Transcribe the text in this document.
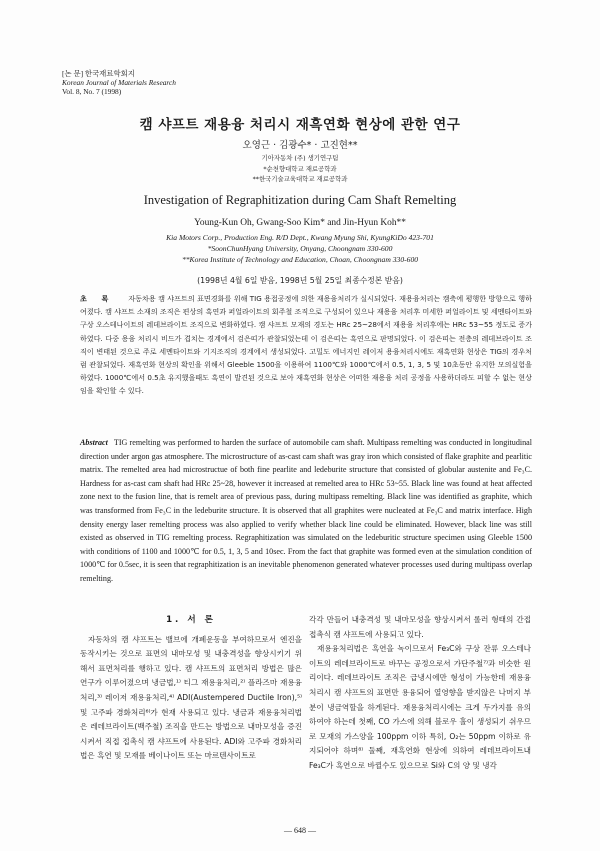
[논 문] 한국재료학회지
Korean Journal of Materials Research
Vol. 8, No. 7 (1998)
캠 샤프트 재용융 처리시 재흑연화 현상에 관한 연구
오영근 · 김광수* · 고진현**
기아자동차 (주) 생기연구팀
*순천향대학교 재료공학과
**한국기술교육대학교 재료공학과
Investigation of Regraphitization during Cam Shaft Remelting
Young-Kun Oh, Gwang-Soo Kim* and Jin-Hyun Koh**
Kia Motors Corp., Production Eng. R/D Dept., Kwang Myung Shi, KyungKiDo 423-701
*SoonChunHyang University, Onyang, Choongnam 330-600
**Korea Institute of Technology and Education, Choan, Choongnam 330-600
(1998년 4월 6일 받음, 1998년 5월 25일 최종수정본 받음)
초 록 자동차용 캠 샤프트의 표면경화를 위해 TIG 용접공정에 의한 재용융처리가 실시되었다. 재용융처리는 캠축에 평행한 방향으로 행하여졌다. 캠 샤프트 소재의 조직은 편상의 흑연과 퍼얼라이트의 회주철 조직으로 구성되어 있으나 재용융 처리후 미세한 퍼얼라이트 및 세멘타이트와 구상 오스테나이트의 레데브라이트 조직으로 변화하였다. 캠 샤프트 모재의 경도는 HRc 25~28에서 재용융 처리후에는 HRc 53~55 정도로 증가하였다. 다중 용융 처리시 비드가 겹치는 경계에서 검은띠가 관찰되었는데 이 검은띠는 흑연으로 판명되었다. 이 검은띠는 전층의 레데브라이트 조직이 변태된 것으로 주로 세멘타이트와 기지조직의 경계에서 생성되었다. 고밀도 에너지인 레이저 용융처리시에도 재흑연화 현상은 TIG의 경우처럼 관찰되었다. 재흑연화 현상의 확인을 위해서 Gleeble 1500을 이용하여 1100℃와 1000℃에서 0.5, 1, 3, 5 및 10초동안 유지한 모의실험을 하였다. 1000℃에서 0.5초 유지했을때도 흑연이 발견된 것으로 보아 재흑연화 현상은 어떠한 재용융 처리 공정을 사용하더라도 피할 수 없는 현상임을 확인할 수 있다.
Abstract TIG remelting was performed to harden the surface of automobile cam shaft. Multipass remelting was conducted in longitudinal direction under argon gas atmosphere. The microstructure of as-cast cam shaft was gray iron which consisted of flake graphite and pearlitic matrix. The remelted area had microstructue of both fine pearlite and ledeburite structure that consisted of globular austenite and Fe₃C. Hardness for as-cast cam shaft had HRc 25~28, however it increased at remelted area to HRc 53~55. Black line was found at heat affected zone next to the fusion line, that is remelt area of previous pass, during multipass remelting. Black line was identified as graphite, which was transformed from Fe₃C in the ledeburite structure. It is observed that all graphites were nucleated at Fe₃C and matrix interface. High density energy laser remelting process was also applied to verify whether black line could be eliminated. However, black line was still existed as observed in TIG remelting process. Regraphitization was simulated on the ledeburitic structure specimen using Gleeble 1500 with conditions of 1100 and 1000℃ for 0.5, 1, 3, 5 and 10sec. From the fact that graphite was formed even at the simulation condition of 1000℃ for 0.5sec, it is seen that regraphitization is an inevitable phenomenon generated whatever processes used during multipass overlap remelting.
1. 서 론

자동차의 캠 샤프트는 밸브에 개폐운동을 부여하므로서 엔진을 동작시키는 것으로 표면의 내마모성 및 내충격성을 향상시키기 위해서 표면처리를 행하고 있다. 캠 샤프트의 표면처리 방법은 많은 연구가 이루어졌으며 냉금법,¹⁾ 티그 재용융처리,²⁾ 플라즈마 재용융처리,³⁾ 레이저 재용융처리,⁴⁾ ADI(Austempered Ductile Iron),⁵⁾ 및 고주파 경화처리⁶⁾가 현재 사용되고 있다. 냉금과 재용융처리법은 레데브라이트(백주철) 조직을 만드는 방법으로 내마모성을 증진시켜서 직접 접촉식 캠 샤프트에 사용된다. ADI와 고주파 경화처리법은 흑연 및 모재를 베이나이트 또는 마르텐사이트로

각각 만들어 내충격성 및 내마모성을 향상시켜서 롤러 형태의 간접 접촉식 캠 샤프트에 사용되고 있다.

재용융처리법은 흑연을 녹이므로서 Fe₃C와 구상 잔류 오스테나이트의 레데브라이트로 바꾸는 공정으로서 가단주철⁷⁾과 비슷한 원리이다. 레데브라이트 조직은 급냉시에만 형성이 가능한데 재용융처리시 캠 샤프트의 표면만 용융되어 열영향을 받지않은 나머지 부분이 냉금역할을 하게된다. 재용융처리시에는 크게 두가지를 유의하여야 하는데 첫째, CO 가스에 의해 블로우 홀이 생성되기 쉬우므로 모재의 가스양을 100ppm 이하 특히, O₂는 50ppm 이하로 유지되어야 하며⁸⁾ 둘째, 재흑연화 현상에 의하여 레데브라이트내 Fe₃C가 흑연으로 바뀔수도 있으므로 Si와 C의 양 및 냉각

― 648 ―
